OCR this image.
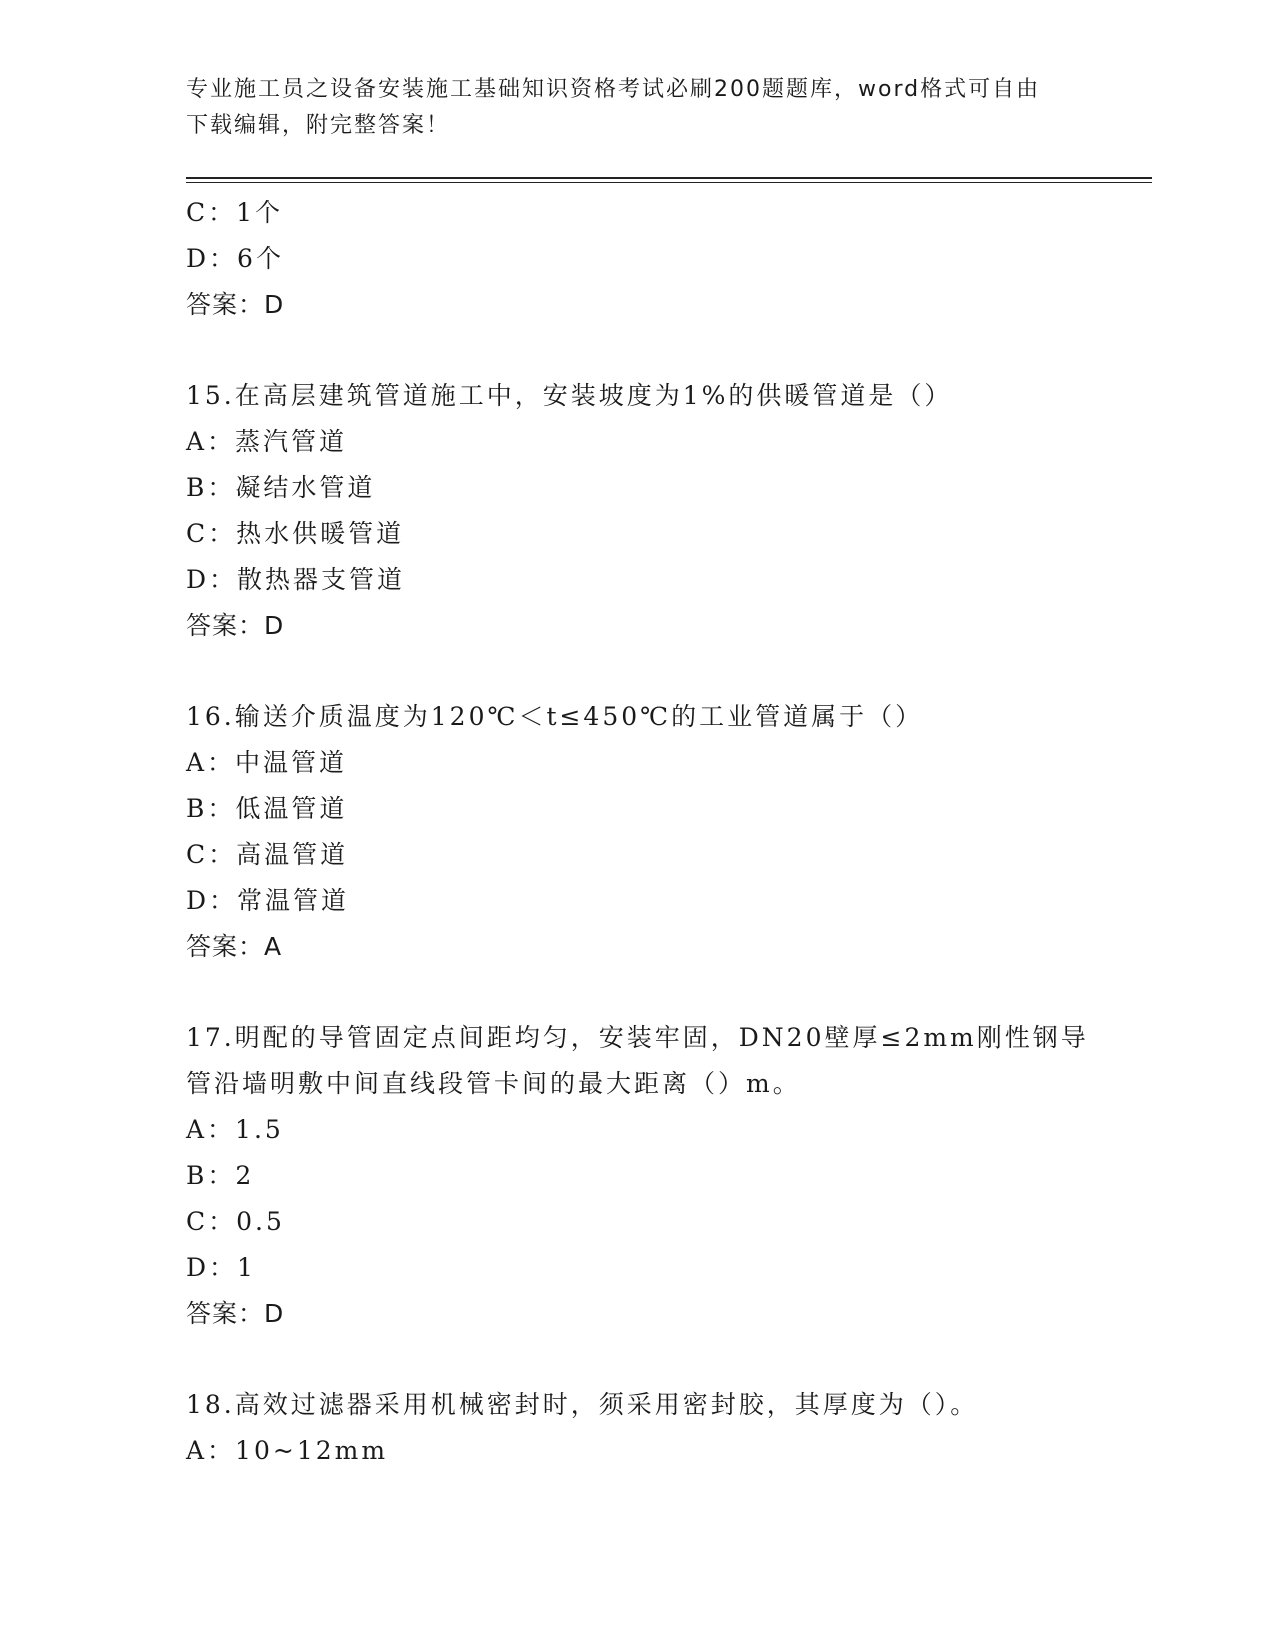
专业施工员之设备安装施工基础知识资格考试必刷200题题库，word格式可自由
下载编辑，附完整答案！
C：1个
D：6个
答案：D
15.在高层建筑管道施工中，安装坡度为1%的供暖管道是（）
A：蒸汽管道
B：凝结水管道
C：热水供暖管道
D：散热器支管道
答案：D
16.输送介质温度为120℃＜t≤450℃的工业管道属于（）
A：中温管道
B：低温管道
C：高温管道
D：常温管道
答案：A
17.明配的导管固定点间距均匀，安装牢固，DN20壁厚≤2mm刚性钢导
管沿墙明敷中间直线段管卡间的最大距离（）m。
A：1.5
B：2
C：0.5
D：1
答案：D
18.高效过滤器采用机械密封时，须采用密封胶，其厚度为（）。
A：10~12mm
